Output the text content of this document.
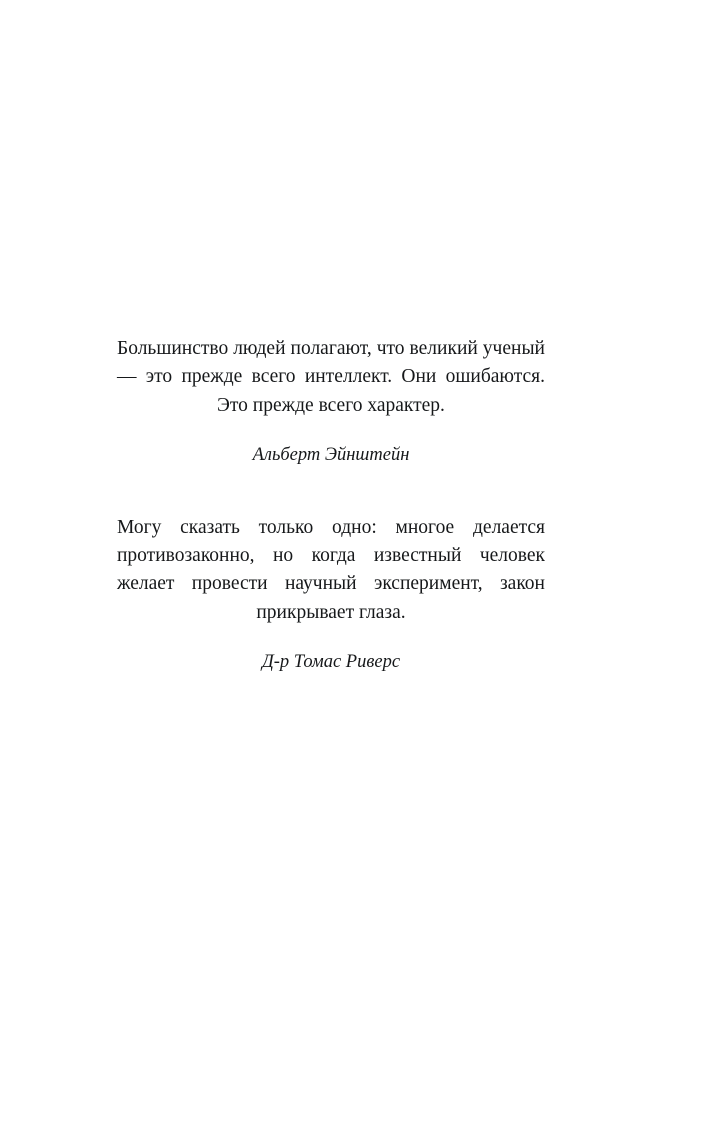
Большинство людей полагают, что великий ученый — это прежде всего интеллект. Они ошибаются. Это прежде всего характер.

Альберт Эйнштейн

Могу сказать только одно: многое делается противозаконно, но когда известный человек желает провести научный эксперимент, закон прикрывает глаза.

Д-р Томас Риверс
